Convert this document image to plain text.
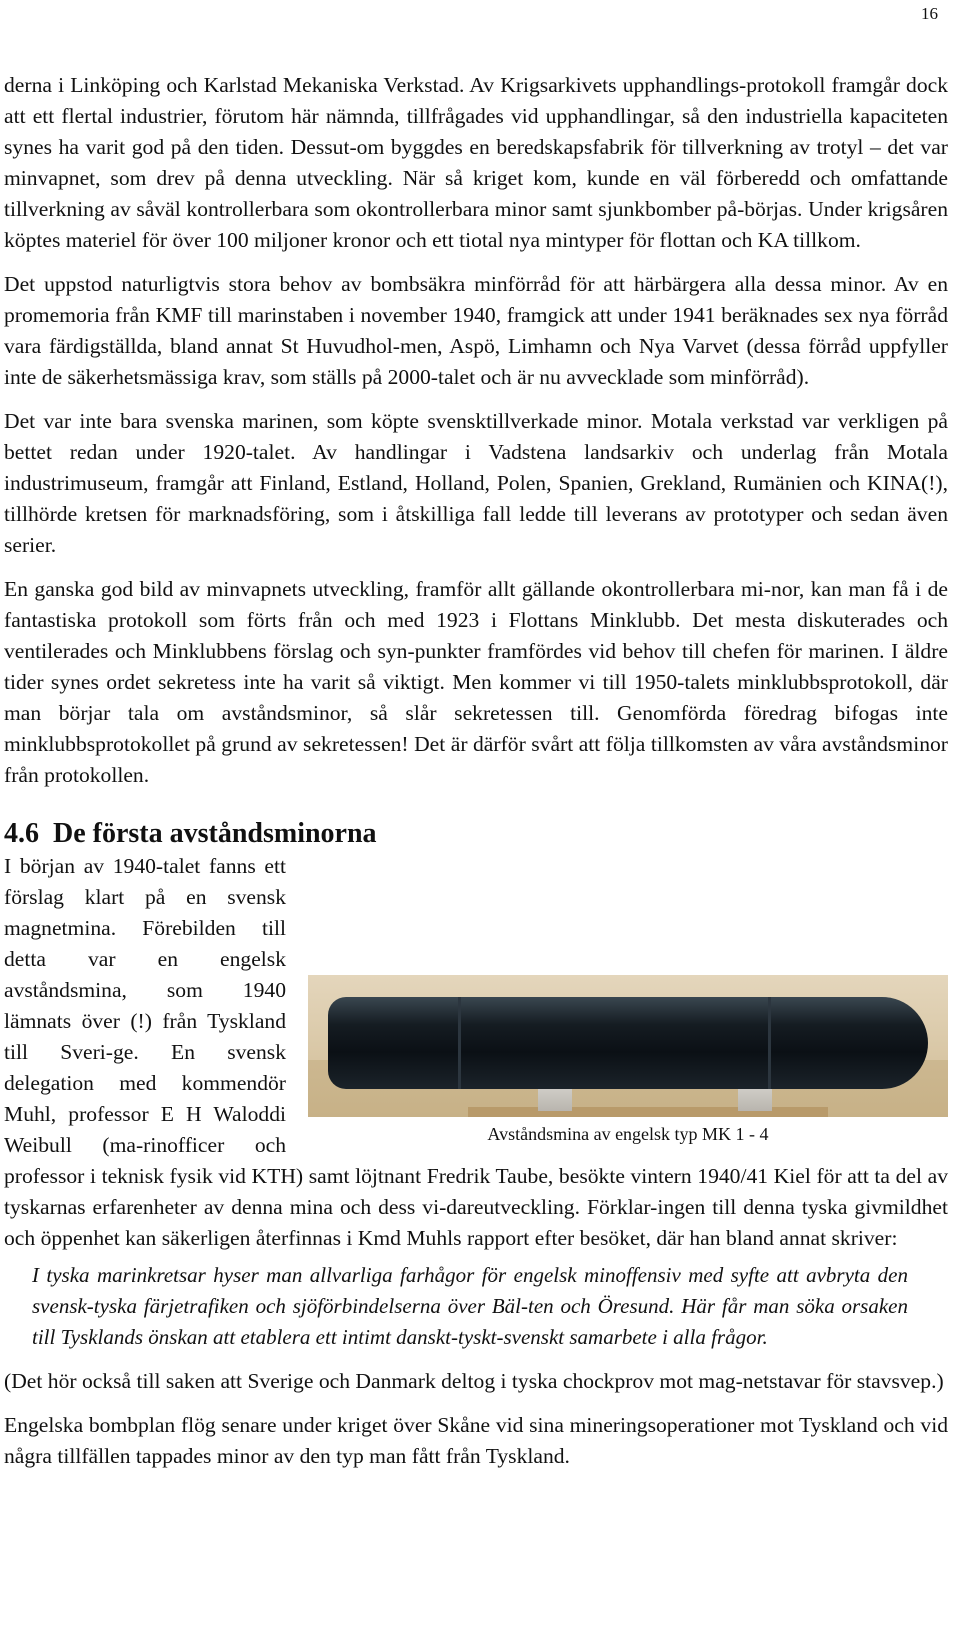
16

derna i Linköping och Karlstad Mekaniska Verkstad. Av Krigsarkivets upphandlings-protokoll framgår dock att ett flertal industrier, förutom här nämnda, tillfrågades vid upphandlingar, så den industriella kapaciteten synes ha varit god på den tiden. Dessut-om byggdes en beredskapsfabrik för tillverkning av trotyl – det var minvapnet, som drev på denna utveckling. När så kriget kom, kunde en väl förberedd och omfattande tillverkning av såväl kontrollerbara som okontrollerbara minor samt sjunkbomber på-börjas. Under krigsåren köptes materiel för över 100 miljoner kronor och ett tiotal nya mintyper för flottan och KA tillkom.

Det uppstod naturligtvis stora behov av bombsäkra minförråd för att härbärgera alla dessa minor. Av en promemoria från KMF till marinstaben i november 1940, framgick att under 1941 beräknades sex nya förråd vara färdigställda, bland annat St Huvudhol-men, Aspö, Limhamn och Nya Varvet (dessa förråd uppfyller inte de säkerhetsmässiga krav, som ställs på 2000-talet och är nu avvecklade som minförråd).

Det var inte bara svenska marinen, som köpte svensktillverkade minor. Motala verkstad var verkligen på bettet redan under 1920-talet. Av handlingar i Vadstena landsarkiv och underlag från Motala industrimuseum, framgår att Finland, Estland, Holland, Polen, Spanien, Grekland, Rumänien och KINA(!), tillhörde kretsen för marknadsföring, som i åtskilliga fall ledde till leverans av prototyper och sedan även serier.

En ganska god bild av minvapnets utveckling, framför allt gällande okontrollerbara mi-nor, kan man få i de fantastiska protokoll som förts från och med 1923 i Flottans Minklubb. Det mesta diskuterades och ventilerades och Minklubbens förslag och syn-punkter framfördes vid behov till chefen för marinen. I äldre tider synes ordet sekretess inte ha varit så viktigt. Men kommer vi till 1950-talets minklubbsprotokoll, där man börjar tala om avståndsminor, så slår sekretessen till. Genomförda föredrag bifogas inte minklubbsprotokollet på grund av sekretessen! Det är därför svårt att följa tillkomsten av våra avståndsminor från protokollen.

4.6 De första avståndsminorna

Avståndsmina av engelsk typ MK 1 - 4
I början av 1940-talet fanns ett förslag klart på en svensk magnetmina. Förebilden till detta var en engelsk avståndsmina, som 1940 lämnats över (!) från Tyskland till Sveri-ge. En svensk delegation med kommendör Muhl, professor E H Waloddi Weibull (ma-rinofficer och professor i teknisk fysik vid KTH) samt löjtnant Fredrik Taube, besökte vintern 1940/41 Kiel för att ta del av tyskarnas erfarenheter av denna mina och dess vi-dareutveckling. Förklar-ingen till denna tyska givmildhet och öppenhet kan säkerligen återfinnas i Kmd Muhls rapport efter besöket, där han bland annat skriver:

I tyska marinkretsar hyser man allvarliga farhågor för engelsk minoffensiv med syfte att avbryta den svensk-tyska färjetrafiken och sjöförbindelserna över Bäl-ten och Öresund. Här får man söka orsaken till Tysklands önskan att etablera ett intimt danskt-tyskt-svenskt samarbete i alla frågor.

(Det hör också till saken att Sverige och Danmark deltog i tyska chockprov mot mag-netstavar för stavsvep.)

Engelska bombplan flög senare under kriget över Skåne vid sina mineringsoperationer mot Tyskland och vid några tillfällen tappades minor av den typ man fått från Tyskland.
